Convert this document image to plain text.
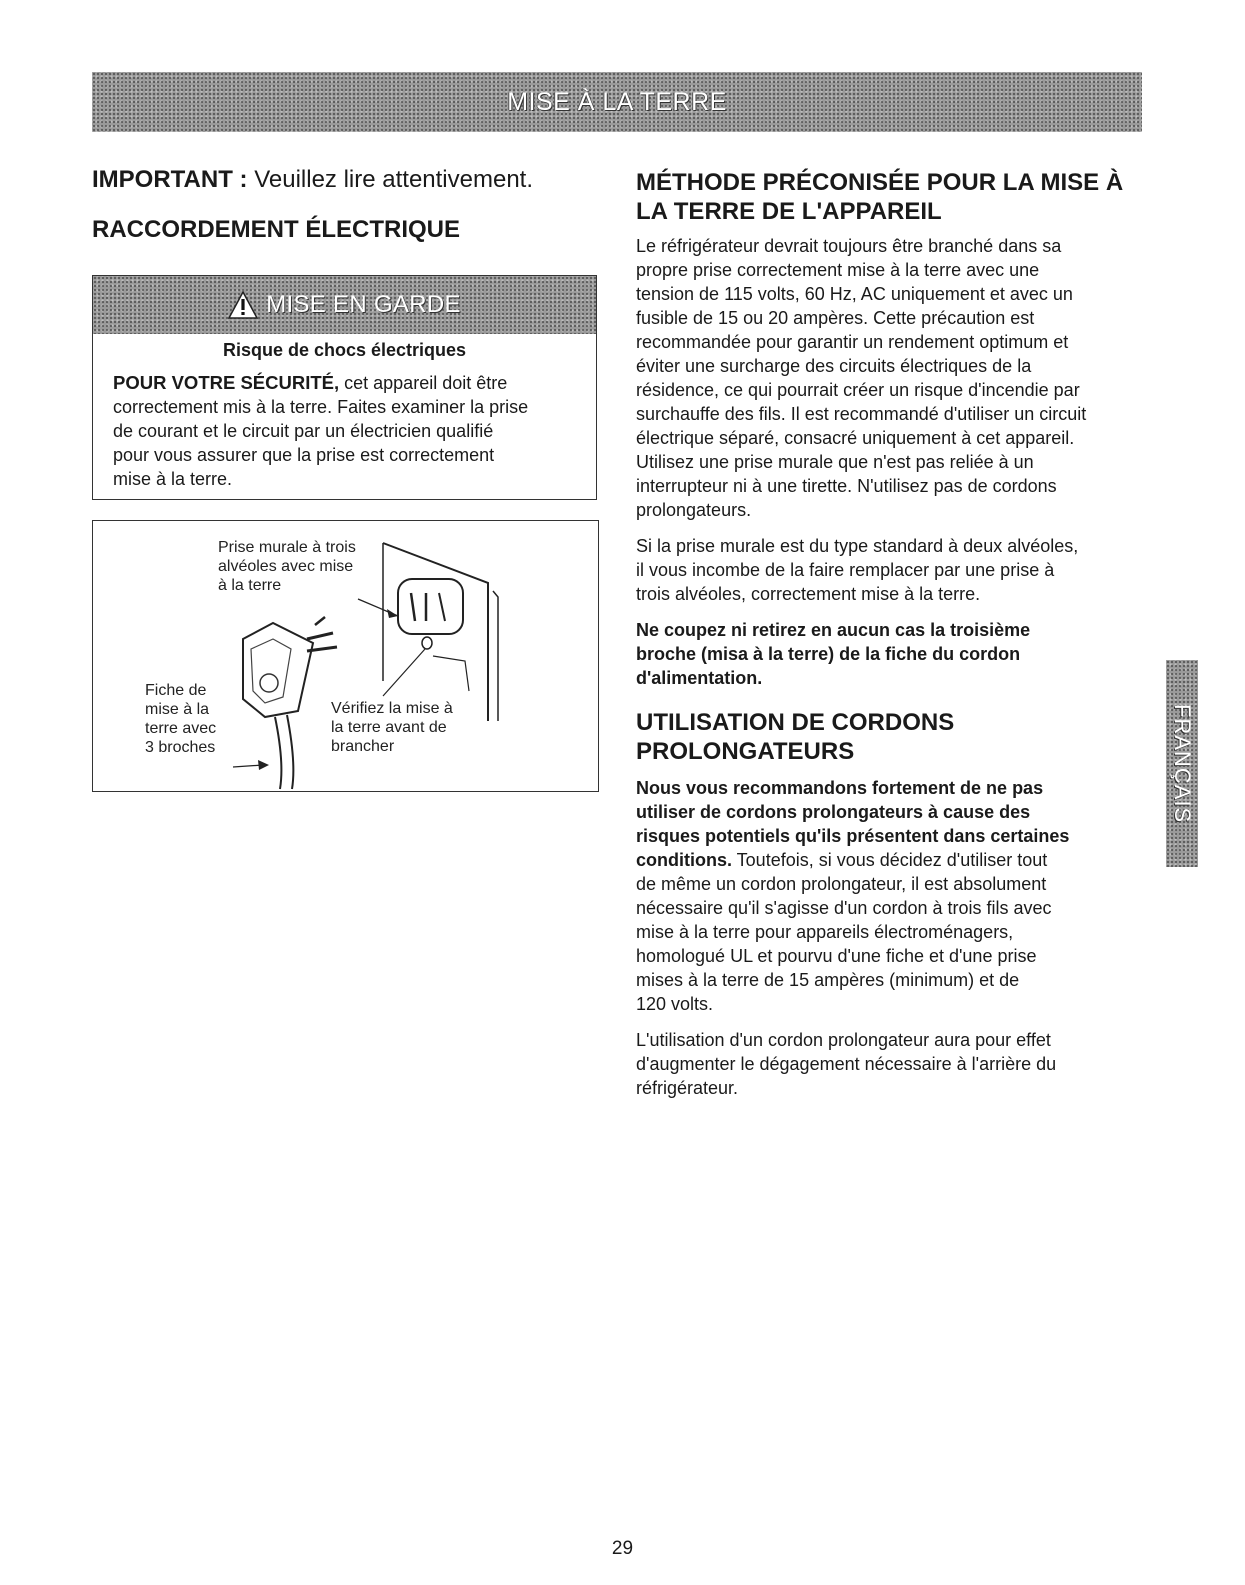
MISE À LA TERRE

IMPORTANT : Veuillez lire attentivement.

RACCORDEMENT ÉLECTRIQUE
MISE EN GARDE

Risque de chocs électriques

POUR VOTRE SÉCURITÉ, cet appareil doit être
correctement mis à la terre. Faites examiner la prise
de courant et le circuit par un électricien qualifié
pour vous assurer que la prise est correctement
mise à la terre.

Prise murale à trois
alvéoles avec mise
à la terre
Fiche de
mise à la
terre avec
3 broches
Vérifiez la mise à
la terre avant de
brancher
MÉTHODE PRÉCONISÉE POUR LA MISE À
LA TERRE DE L'APPAREIL

Le réfrigérateur devrait toujours être branché dans sa
propre prise correctement mise à la terre avec une
tension de 115 volts, 60 Hz, AC uniquement et avec un
fusible de 15 ou 20 ampères. Cette précaution est
recommandée pour garantir un rendement optimum et
éviter une surcharge des circuits électriques de la
résidence, ce qui pourrait créer un risque d'incendie par
surchauffe des fils. Il est recommandé d'utiliser un circuit
électrique séparé, consacré uniquement à cet appareil.
Utilisez une prise murale que n'est pas reliée à un
interrupteur ni à une tirette. N'utilisez pas de cordons
prolongateurs.

Si la prise murale est du type standard à deux alvéoles,
il vous incombe de la faire remplacer par une prise à
trois alvéoles, correctement mise à la terre.

Ne coupez ni retirez en aucun cas la troisième
broche (misa à la terre) de la fiche du cordon
d'alimentation.

UTILISATION DE CORDONS
PROLONGATEURS

Nous vous recommandons fortement de ne pas
utiliser de cordons prolongateurs à cause des
risques potentiels qu'ils présentent dans certaines
conditions. Toutefois, si vous décidez d'utiliser tout
de même un cordon prolongateur, il est absolument
nécessaire qu'il s'agisse d'un cordon à trois fils avec
mise à la terre pour appareils électroménagers,
homologué UL et pourvu d'une fiche et d'une prise
mises à la terre de 15 ampères (minimum) et de
120 volts.

L'utilisation d'un cordon prolongateur aura pour effet
d'augmenter le dégagement nécessaire à l'arrière du
réfrigérateur.

FRANÇAIS
29
